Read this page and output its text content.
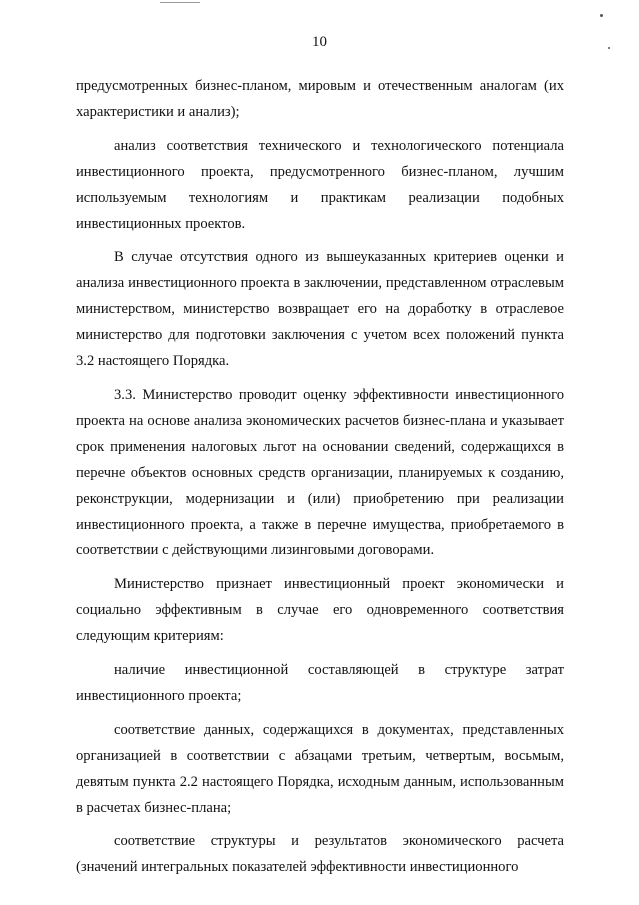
10

предусмотренных бизнес-планом, мировым и отечественным аналогам (их характеристики и анализ);

анализ соответствия технического и технологического потенциала инвестиционного проекта, предусмотренного бизнес-планом, лучшим используемым технологиям и практикам реализации подобных инвестиционных проектов.

В случае отсутствия одного из вышеуказанных критериев оценки и анализа инвестиционного проекта в заключении, представленном отраслевым министерством, министерство возвращает его на доработку в отраслевое министерство для подготовки заключения с учетом всех положений пункта 3.2 настоящего Порядка.

3.3. Министерство проводит оценку эффективности инвестиционного проекта на основе анализа экономических расчетов бизнес-плана и указывает срок применения налоговых льгот на основании сведений, содержащихся в перечне объектов основных средств организации, планируемых к созданию, реконструкции, модернизации и (или) приобретению при реализации инвестиционного проекта, а также в перечне имущества, приобретаемого в соответствии с действующими лизинговыми договорами.

Министерство признает инвестиционный проект экономически и социально эффективным в случае его одновременного соответствия следующим критериям:

наличие инвестиционной составляющей в структуре затрат инвестиционного проекта;

соответствие данных, содержащихся в документах, представленных организацией в соответствии с абзацами третьим, четвертым, восьмым, девятым пункта 2.2 настоящего Порядка, исходным данным, использованным в расчетах бизнес-плана;

соответствие структуры и результатов экономического расчета (значений интегральных показателей эффективности инвестиционного
